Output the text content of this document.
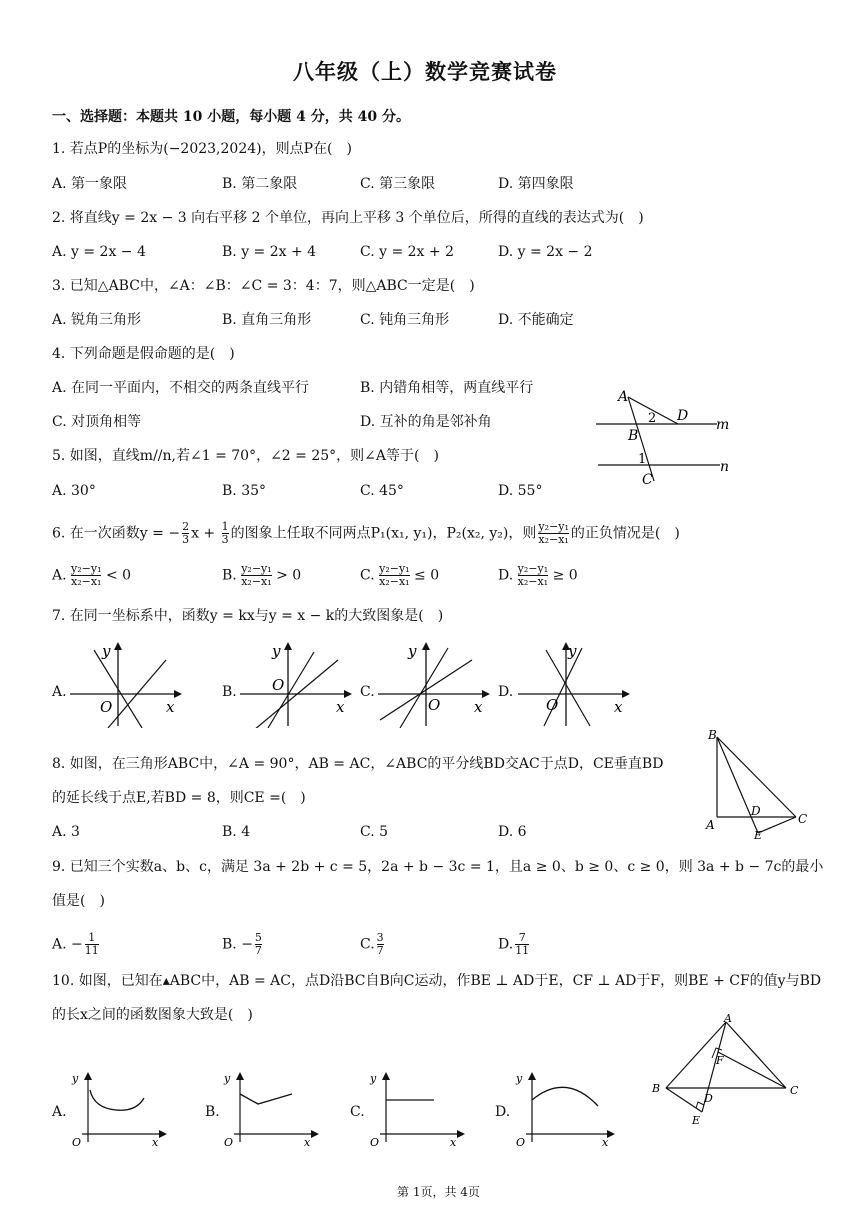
八年级（上）数学竞赛试卷
一、选择题：本题共 10 小题，每小题 4 分，共 40 分。
1. 若点P的坐标为(−2023,2024)，则点P在(　)
A. 第一象限	B. 第二象限	C. 第三象限	D. 第四象限
2. 将直线y = 2x − 3 向右平移 2 个单位，再向上平移 3 个单位后，所得的直线的表达式为(　)
A. y = 2x − 4	B. y = 2x + 4	C. y = 2x + 2	D. y = 2x − 2
3. 已知△ABC中，∠A：∠B：∠C = 3：4：7，则△ABC一定是(　)
A. 锐角三角形	B. 直角三角形	C. 钝角三角形	D. 不能确定
4. 下列命题是假命题的是(　)
A. 在同一平面内，不相交的两条直线平行	B. 内错角相等，两直线平行
C. 对顶角相等	D. 互补的角是邻补角
5. 如图，直线m//n,若∠1 = 70°，∠2 = 25°，则∠A等于(　)
A. 30°	B. 35°	C. 45°	D. 55°
A
2 D
m
B
1	n
C
6. 在一次函数y = − $\frac{2}{3}$ $x + \frac{1}{3}$ 的图象上任取不同两点P₁(x₁, y₁)，P₂(x₂, y₂)，则 $\frac{\text{y₂−y₁}}{\text{x₂−x₁}}$ 的正负情况是(　)
A. $\frac{\text{y₂−y₁}}{\text{x₂−x₁}} < 0$	B. $\frac{\text{y₂−y₁}}{\text{x₂−x₁}} > 0$	C. $\frac{\text{y₂−y₁}}{\text{x₂−x₁}} \le 0$	D. $\frac{\text{y₂−y₁}}{\text{x₂−x₁}} \ge 0$
7. 在同一坐标系中，函数y = kx与y = x − k的大致图象是(　)
A.	B.	C.	D.
y
x
O
y
x
O
y
x
O
y
x
O
8. 如图，在三角形ABC中，∠A = 90°，AB = AC，∠ABC的平分线BD交AC于点D，CE垂直BD
的延长线于点E,若BD = 8，则CE =(　)
A. 3	B. 4	C. 5	D. 6
B
D
A	C
E
9. 已知三个实数a、b、c，满足 3a + 2b + c = 5，2a + b − 3c = 1，且a ≥ 0、b ≥ 0、c ≥ 0，则 3a + b − 7c的最小
值是(　)
A. − $\frac{1}{11}$	B. − $\frac{5}{7}$	C. $\frac{3}{7}$	D. $\frac{7}{11}$
10. 如图，已知在▴ABC中，AB = AC，点D沿BC自B向C运动，作BE ⊥ AD于E，CF ⊥ AD于F，则BE + CF的值y与BD
的长x之间的函数图象大致是(　)
A.	B.	C.	D.
y
x
O
y
x
O
y
x
O
y
x
O
A
F
B
D
C
E
第 1页，共 4页
